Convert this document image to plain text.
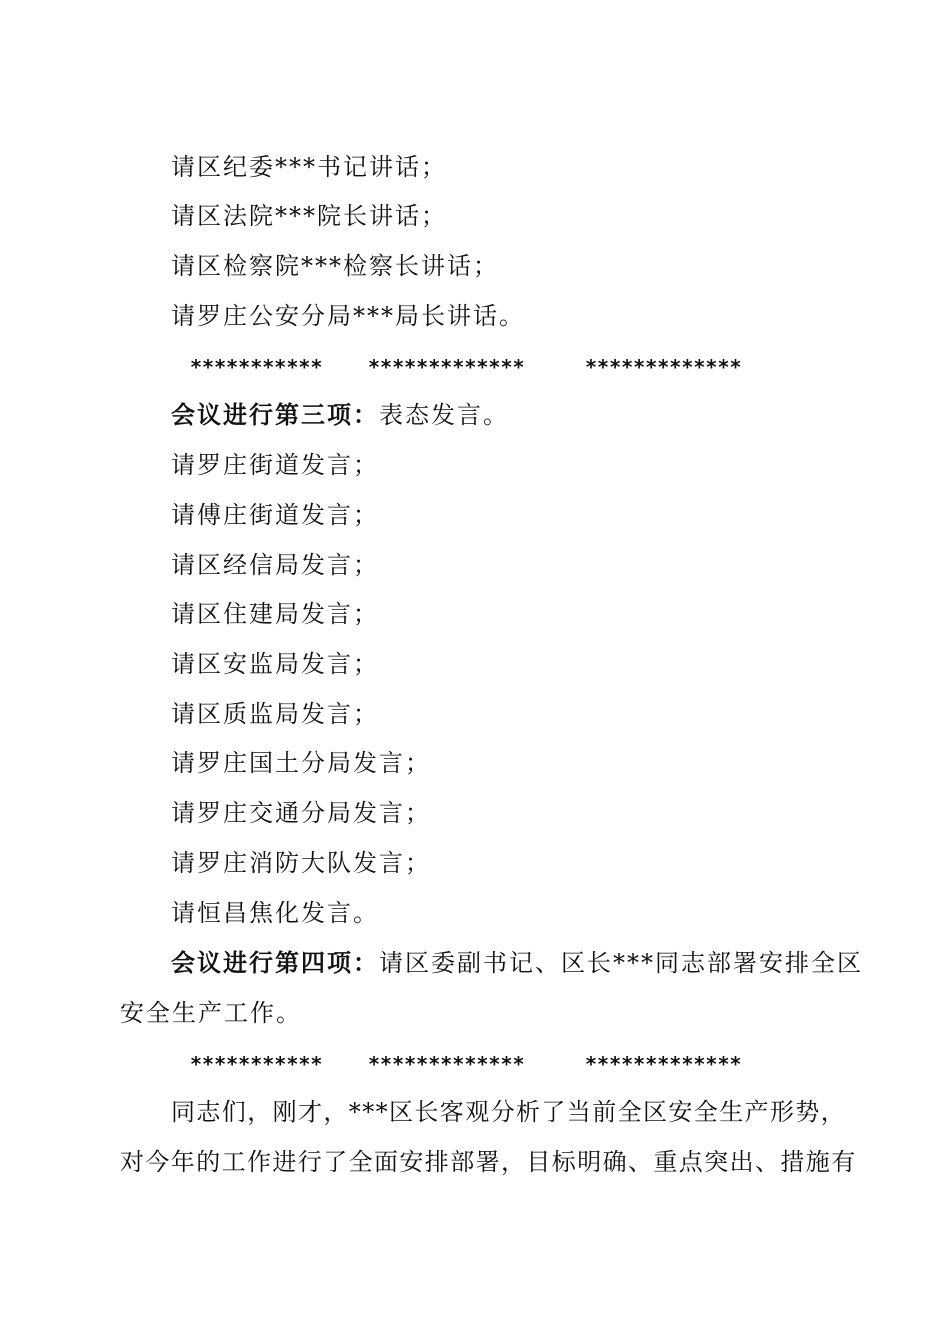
请区纪委***书记讲话；
请区法院***院长讲话；
请区检察院***检察长讲话；
请罗庄公安分局***局长讲话。
*********** *************	*************
会议进行第三项：表态发言。
请罗庄街道发言；
请傅庄街道发言；
请区经信局发言；
请区住建局发言；
请区安监局发言；
请区质监局发言；
请罗庄国土分局发言；
请罗庄交通分局发言；
请罗庄消防大队发言；
请恒昌焦化发言。
会议进行第四项：请区委副书记、区长***同志部署安排全区
安全生产工作。
*********** *************	*************
同志们，刚才，***区长客观分析了当前全区安全生产形势，
对今年的工作进行了全面安排部署，目标明确、重点突出、措施有
